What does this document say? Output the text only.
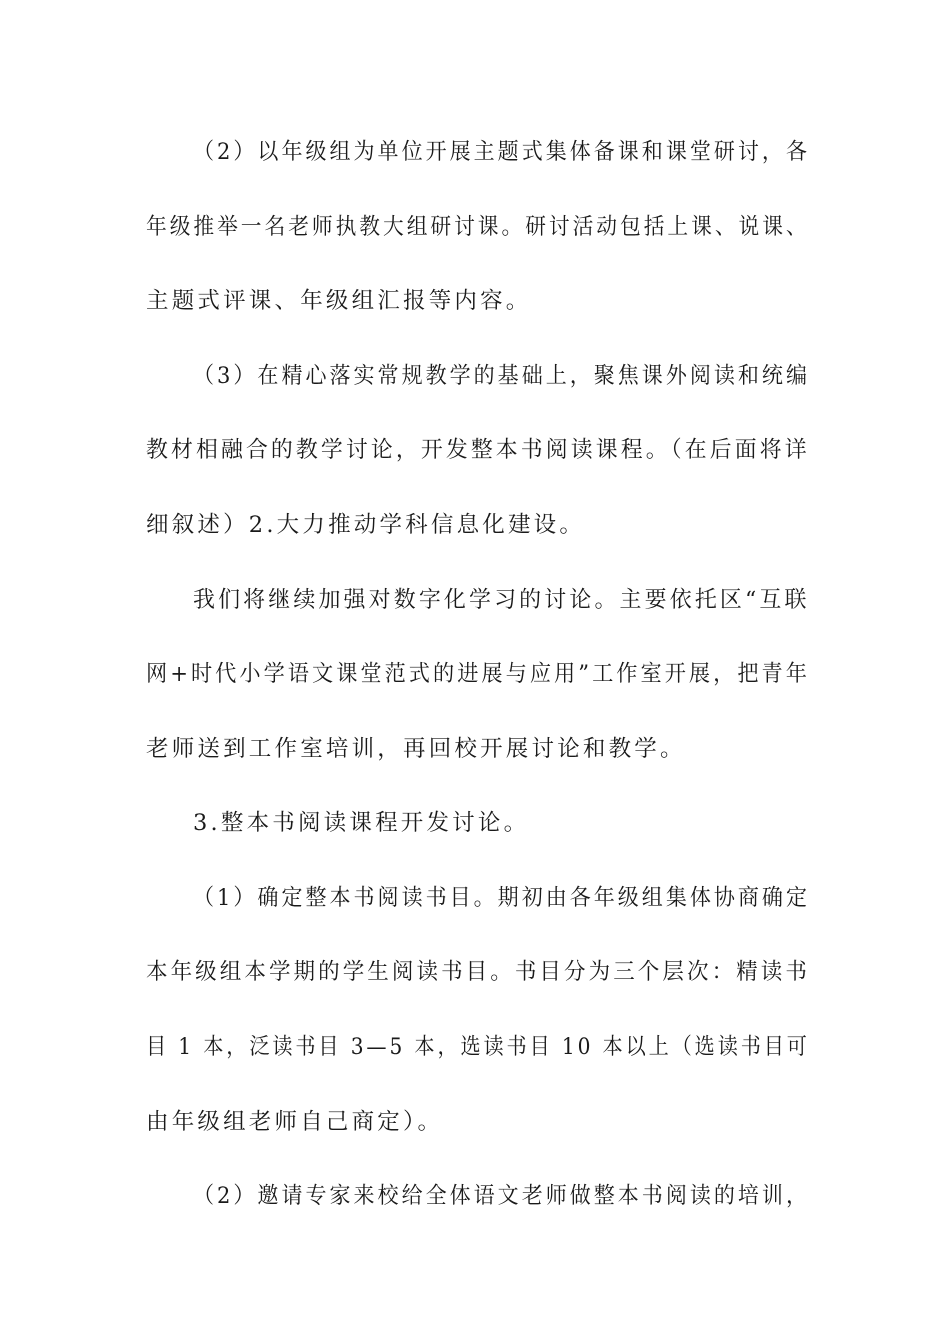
（2）以年级组为单位开展主题式集体备课和课堂研讨，各
年级推举一名老师执教大组研讨课。研讨活动包括上课、说课、
主题式评课、年级组汇报等内容。
（3）在精心落实常规教学的基础上，聚焦课外阅读和统编
教材相融合的教学讨论，开发整本书阅读课程。（在后面将详
细叙述）2.大力推动学科信息化建设。
我们将继续加强对数字化学习的讨论。主要依托区“互联
网+时代小学语文课堂范式的进展与应用”工作室开展，把青年
老师送到工作室培训，再回校开展讨论和教学。
3.整本书阅读课程开发讨论。
（1）确定整本书阅读书目。期初由各年级组集体协商确定
本年级组本学期的学生阅读书目。书目分为三个层次：精读书
目 1 本，泛读书目 3—5 本，选读书目 10 本以上（选读书目可
由年级组老师自己商定）。
（2）邀请专家来校给全体语文老师做整本书阅读的培训，
